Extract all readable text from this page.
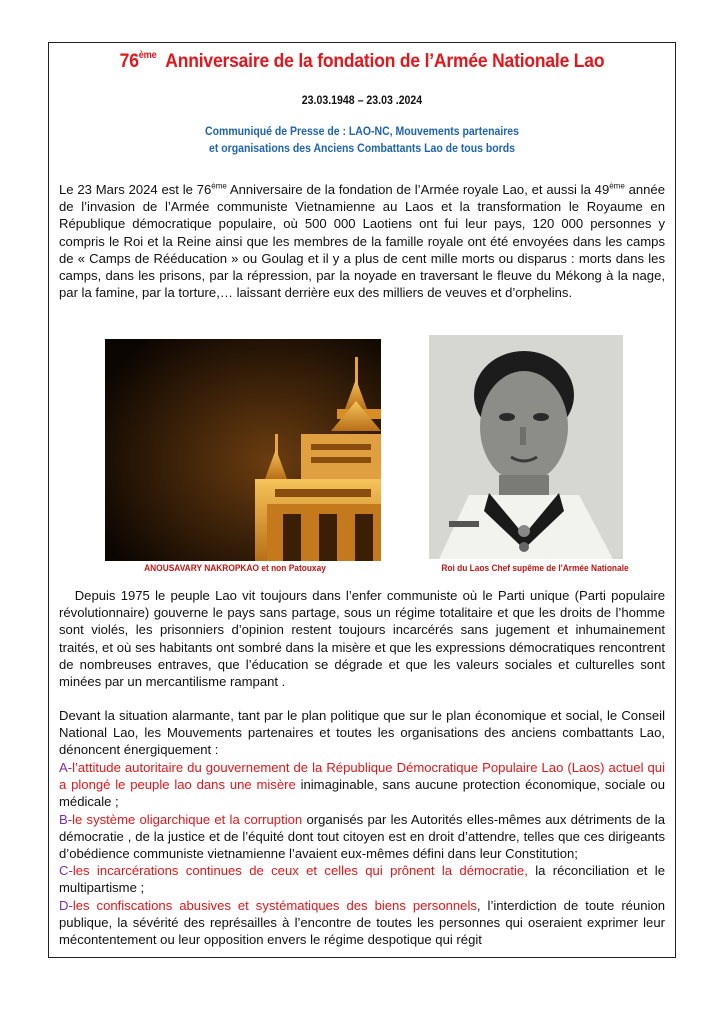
76ème Anniversaire de la fondation de l’Armée Nationale Lao
23.03.1948 – 23.03 .2024
Communiqué de Presse de : LAO-NC, Mouvements partenaires
et organisations des Anciens Combattants Lao de tous bords
Le 23 Mars 2024 est le 76ème Anniversaire de la fondation de l’Armée royale Lao, et aussi la 49ème année de l’invasion de l’Armée communiste Vietnamienne au Laos et la transformation le Royaume en République démocratique populaire, où 500 000 Laotiens ont fui leur pays, 120 000 personnes y compris le Roi et la Reine ainsi que les membres de la famille royale ont été envoyées dans les camps de « Camps de Rééducation » ou Goulag et il y a plus de cent mille morts ou disparus : morts dans les camps, dans les prisons, par la répression, par la noyade en traversant le fleuve du Mékong à la nage, par la famine, par la torture,… laissant derrière eux des milliers de veuves et d’orphelins.
ANOUSAVARY NAKROPKAO et non Patouxay	Roi du Laos Chef supême de l'Armée Nationale
Depuis 1975 le peuple Lao vit toujours dans l’enfer communiste où le Parti unique (Parti populaire révolutionnaire) gouverne le pays sans partage, sous un régime totalitaire et que les droits de l’homme sont violés, les prisonniers d’opinion restent toujours incarcérés sans jugement et inhumainement traités, et où ses habitants ont sombré dans la misère et que les expressions démocratiques rencontrent de nombreuses entraves, que l’éducation se dégrade et que les valeurs sociales et culturelles sont minées par un mercantilisme rampant .
Devant la situation alarmante, tant par le plan politique que sur le plan économique et social, le Conseil National Lao, les Mouvements partenaires et toutes les organisations des anciens combattants Lao, dénoncent énergiquement :

A-l’attitude autoritaire du gouvernement de la République Démocratique Populaire Lao (Laos) actuel qui a plongé le peuple lao dans une misère inimaginable, sans aucune protection économique, sociale ou médicale ;

B-le système oligarchique et la corruption organisés par les Autorités elles-mêmes aux détriments de la démocratie , de la justice et de l’équité dont tout citoyen est en droit d’attendre, telles que ces dirigeants d’obédience communiste vietnamienne l’avaient eux-mêmes défini dans leur Constitution;

C-les incarcérations continues de ceux et celles qui prônent la démocratie, la réconciliation et le multipartisme ;

D-les confiscations abusives et systématiques des biens personnels, l’interdiction de toute réunion publique, la sévérité des représailles à l’encontre de toutes les personnes qui oseraient exprimer leur mécontentement ou leur opposition envers le régime despotique qui régit
